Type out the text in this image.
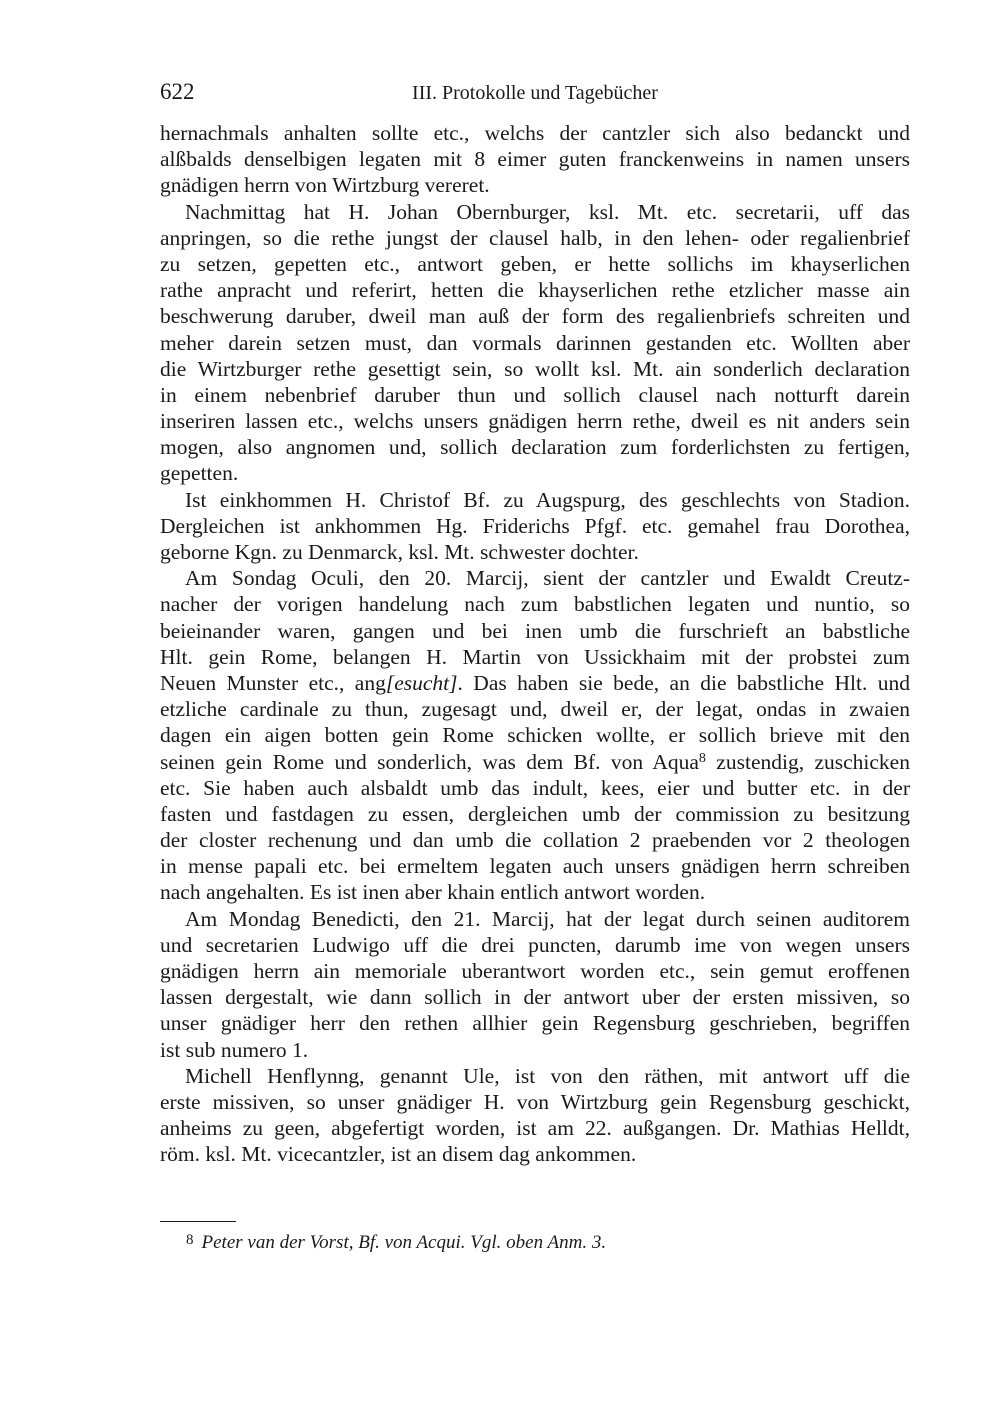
622	III. Protokolle und Tagebücher
hernachmals anhalten sollte etc., welchs der cantzler sich also bedanckt und
alßbalds denselbigen legaten mit 8 eimer guten franckenweins in namen unsers
gnädigen herrn von Wirtzburg vereret.
Nachmittag hat H. Johan Obernburger, ksl. Mt. etc. secretarii, uff das
anpringen, so die rethe jungst der clausel halb, in den lehen- oder regalienbrief
zu setzen, gepetten etc., antwort geben, er hette sollichs im khayserlichen
rathe anpracht und referirt, hetten die khayserlichen rethe etzlicher masse ain
beschwerung daruber, dweil man auß der form des regalienbriefs schreiten und
meher darein setzen must, dan vormals darinnen gestanden etc. Wollten aber
die Wirtzburger rethe gesettigt sein, so wollt ksl. Mt. ain sonderlich declaration
in einem nebenbrief daruber thun und sollich clausel nach notturft darein
inseriren lassen etc., welchs unsers gnädigen herrn rethe, dweil es nit anders sein
mogen, also angnomen und, sollich declaration zum forderlichsten zu fertigen,
gepetten.
Ist einkhommen H. Christof Bf. zu Augspurg, des geschlechts von Stadion.
Dergleichen ist ankhommen Hg. Friderichs Pfgf. etc. gemahel frau Dorothea,
geborne Kgn. zu Denmarck, ksl. Mt. schwester dochter.
Am Sondag Oculi, den 20. Marcij, sient der cantzler und Ewaldt Creutz-
nacher der vorigen handelung nach zum babstlichen legaten und nuntio, so
beieinander waren, gangen und bei inen umb die furschrieft an babstliche
Hlt. gein Rome, belangen H. Martin von Ussickhaim mit der probstei zum
Neuen Munster etc., ang[esucht]. Das haben sie bede, an die babstliche Hlt. und
etzliche cardinale zu thun, zugesagt und, dweil er, der legat, ondas in zwaien
dagen ein aigen botten gein Rome schicken wollte, er sollich brieve mit den
seinen gein Rome und sonderlich, was dem Bf. von Aqua$^8$ zustendig, zuschicken
etc. Sie haben auch alsbaldt umb das indult, kees, eier und butter etc. in der
fasten und fastdagen zu essen, dergleichen umb der commission zu besitzung
der closter rechenung und dan umb die collation 2 praebenden vor 2 theologen
in mense papali etc. bei ermeltem legaten auch unsers gnädigen herrn schreiben
nach angehalten. Es ist inen aber khain entlich antwort worden.
Am Mondag Benedicti, den 21. Marcij, hat der legat durch seinen auditorem
und secretarien Ludwigo uff die drei puncten, darumb ime von wegen unsers
gnädigen herrn ain memoriale uberantwort worden etc., sein gemut eroffenen
lassen dergestalt, wie dann sollich in der antwort uber der ersten missiven, so
unser gnädiger herr den rethen allhier gein Regensburg geschrieben, begriffen
ist sub numero 1.
Michell Henflynng, genannt Ule, ist von den räthen, mit antwort uff die
erste missiven, so unser gnädiger H. von Wirtzburg gein Regensburg geschickt,
anheims zu geen, abgefertigt worden, ist am 22. außgangen. Dr. Mathias Helldt,
röm. ksl. Mt. vicecantzler, ist an disem dag ankommen.
$^8$ Peter van der Vorst, Bf. von Acqui. Vgl. oben Anm. 3.
